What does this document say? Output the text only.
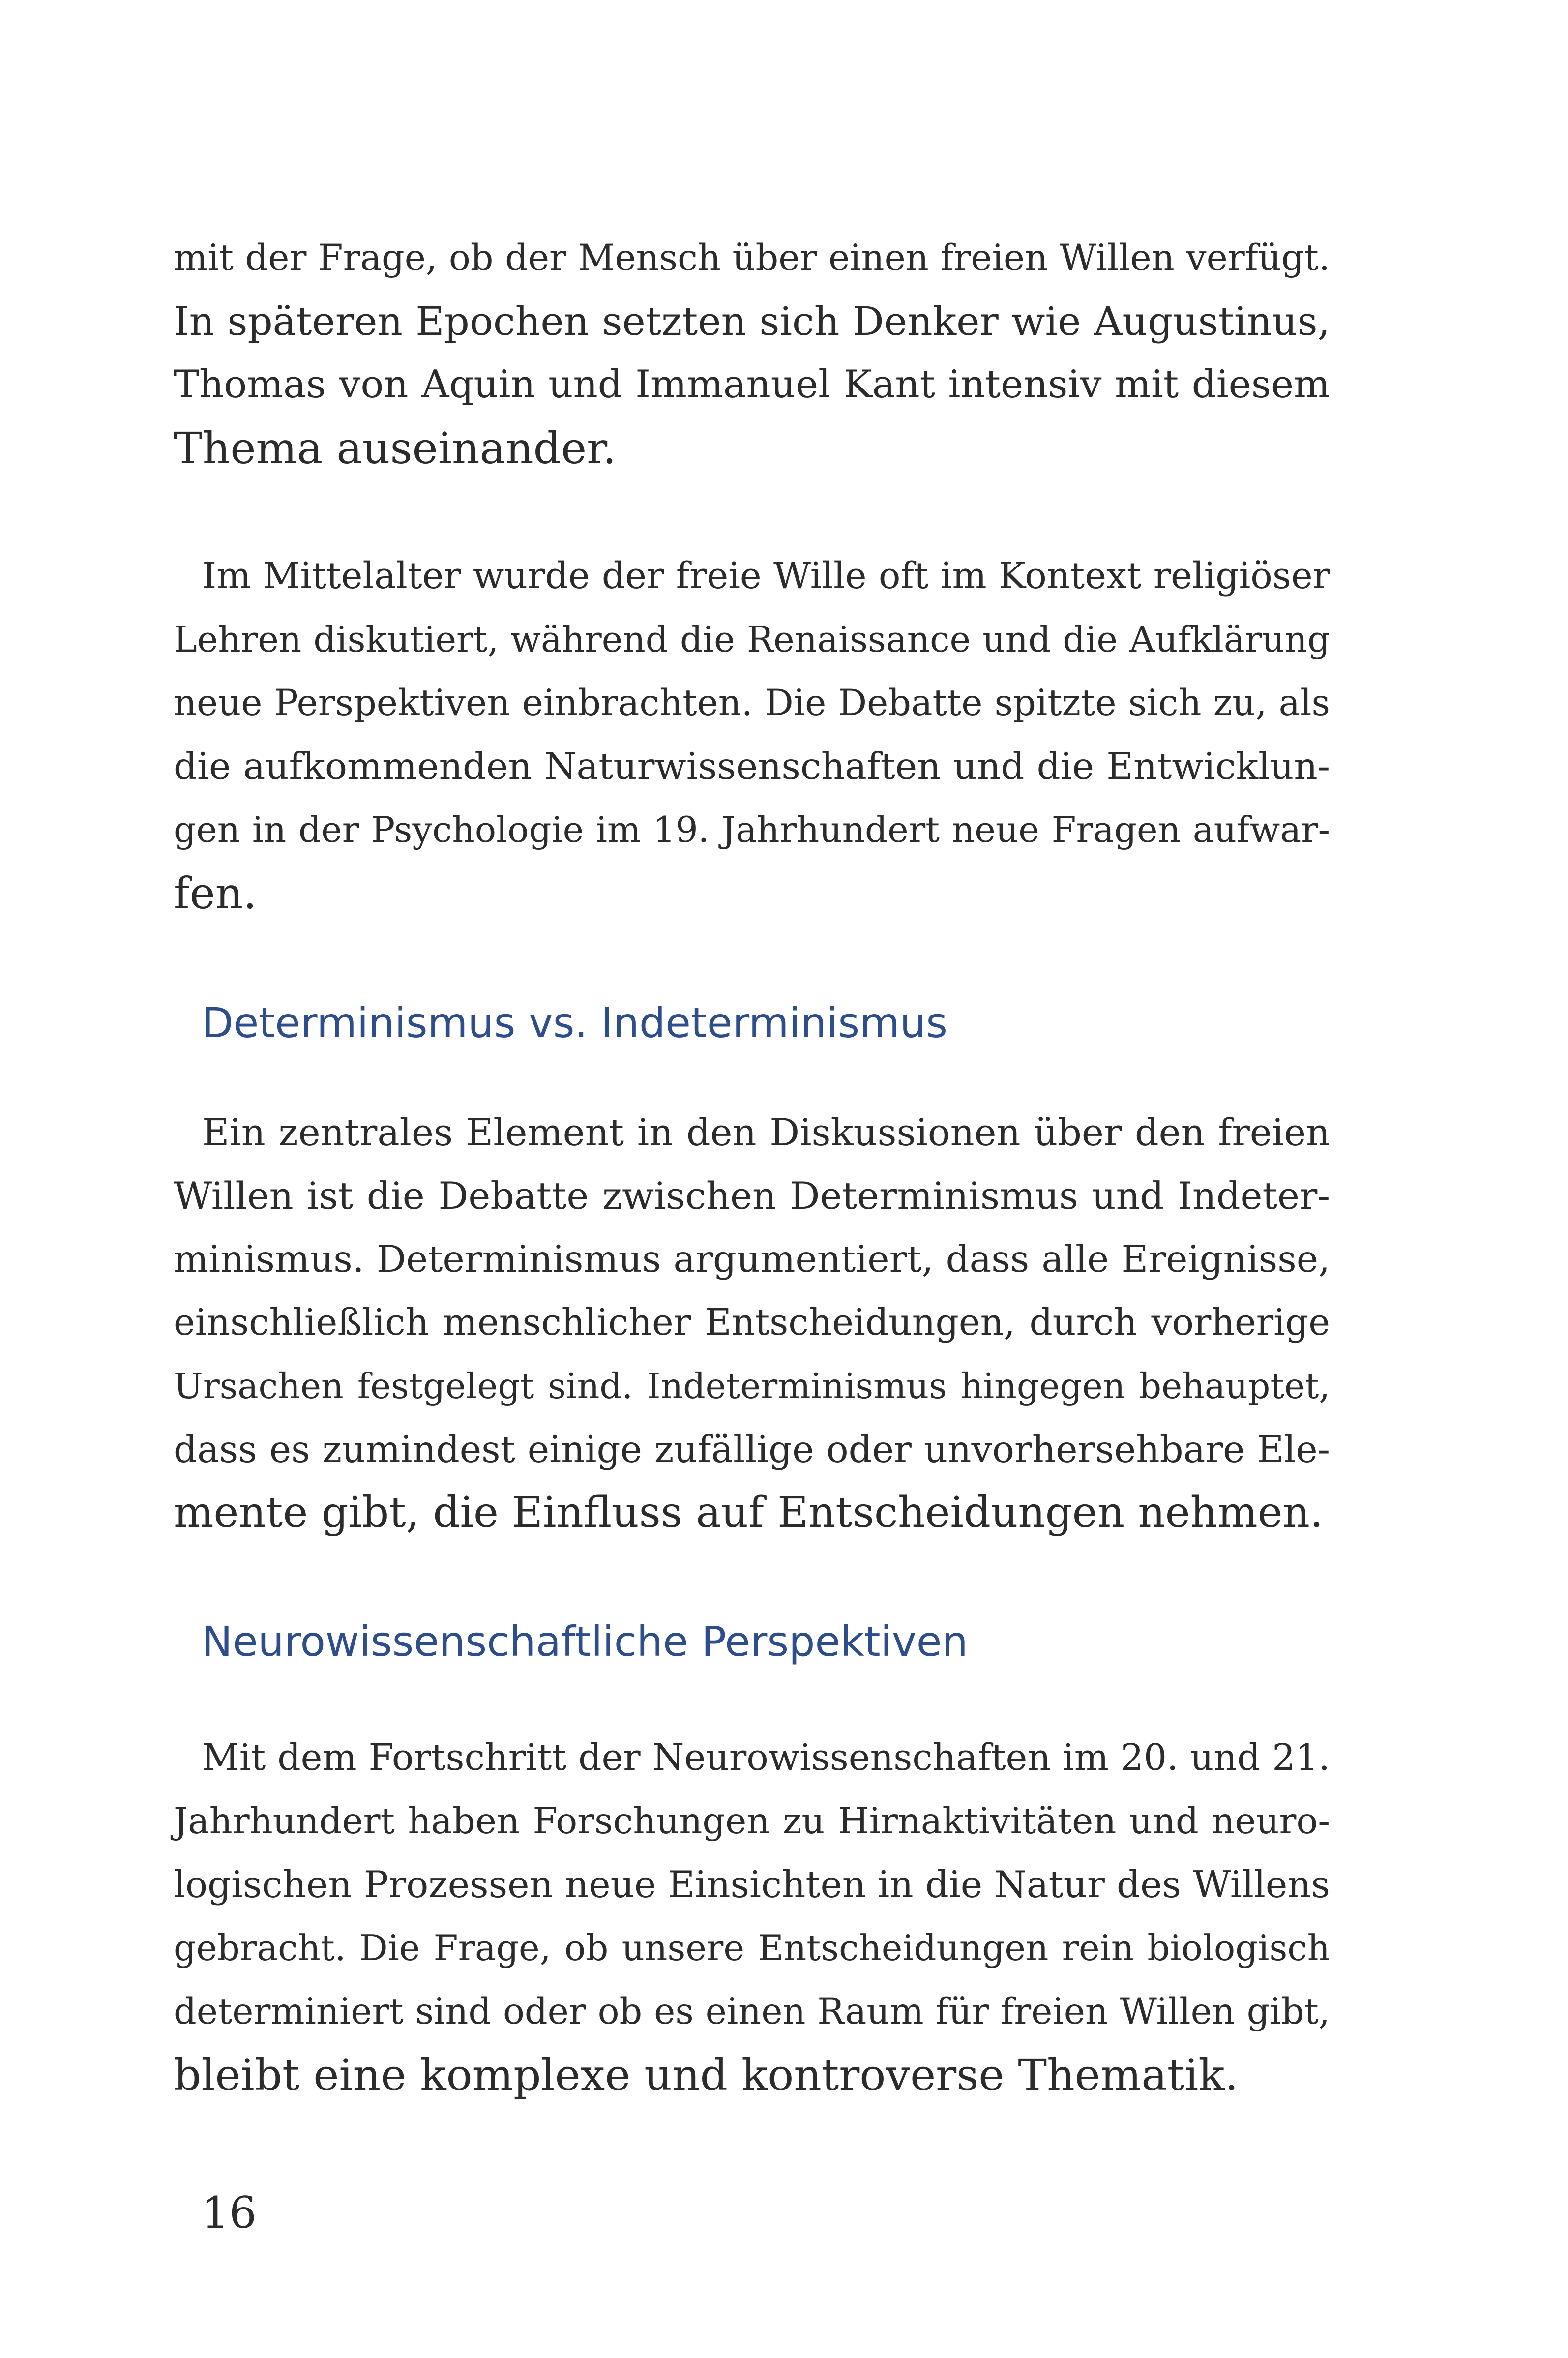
mit der Frage, ob der Mensch über einen freien Willen verfügt.
In späteren Epochen setzten sich Denker wie Augustinus,
Thomas von Aquin und Immanuel Kant intensiv mit diesem
Thema auseinander.
Im Mittelalter wurde der freie Wille oft im Kontext religiöser
Lehren diskutiert, während die Renaissance und die Aufklärung
neue Perspektiven einbrachten. Die Debatte spitzte sich zu, als
die aufkommenden Naturwissenschaften und die Entwicklun-
gen in der Psychologie im 19. Jahrhundert neue Fragen aufwar-
fen.
Determinismus vs. Indeterminismus
Ein zentrales Element in den Diskussionen über den freien
Willen ist die Debatte zwischen Determinismus und Indeter-
minismus. Determinismus argumentiert, dass alle Ereignisse,
einschließlich menschlicher Entscheidungen, durch vorherige
Ursachen festgelegt sind. Indeterminismus hingegen behauptet,
dass es zumindest einige zufällige oder unvorhersehbare Ele-
mente gibt, die Einfluss auf Entscheidungen nehmen.
Neurowissenschaftliche Perspektiven
Mit dem Fortschritt der Neurowissenschaften im 20. und 21.
Jahrhundert haben Forschungen zu Hirnaktivitäten und neuro-
logischen Prozessen neue Einsichten in die Natur des Willens
gebracht. Die Frage, ob unsere Entscheidungen rein biologisch
determiniert sind oder ob es einen Raum für freien Willen gibt,
bleibt eine komplexe und kontroverse Thematik.
16
